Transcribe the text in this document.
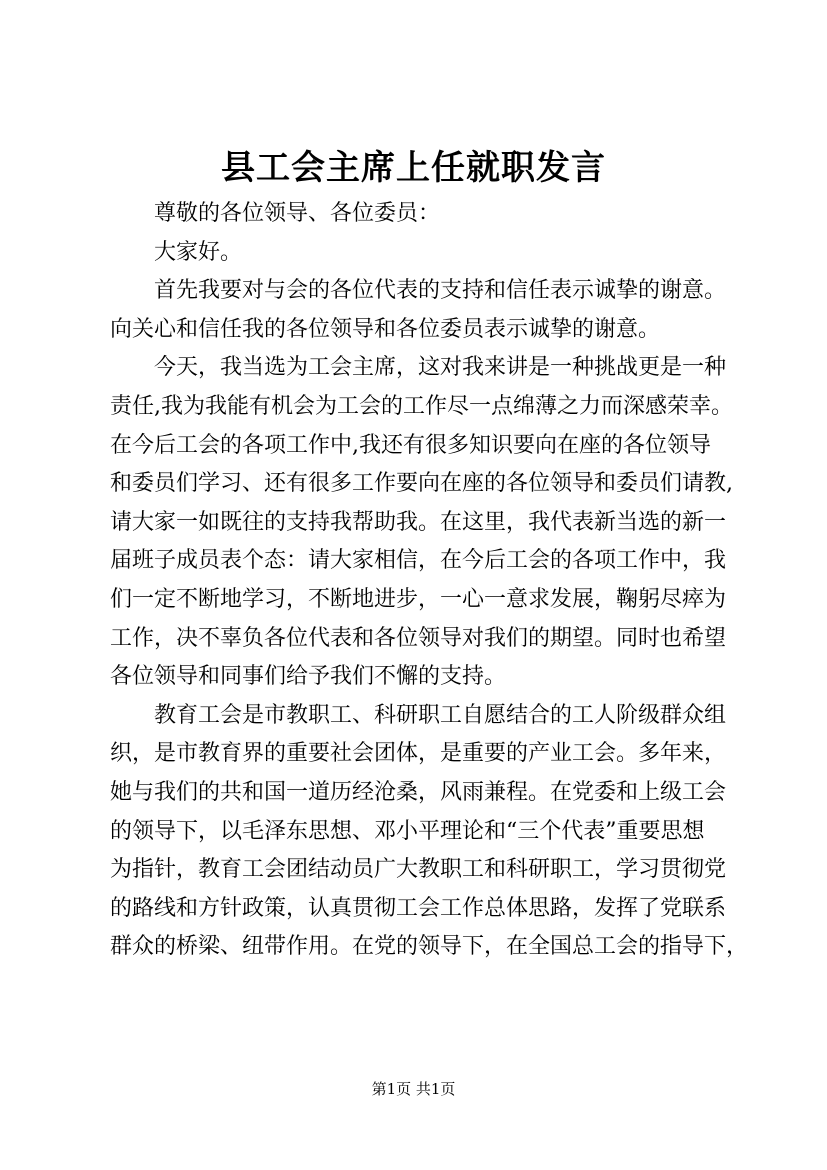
县工会主席上任就职发言
尊敬的各位领导、各位委员：
大家好。
首先我要对与会的各位代表的支持和信任表示诚挚的谢意。
向关心和信任我的各位领导和各位委员表示诚挚的谢意。
今天，我当选为工会主席，这对我来讲是一种挑战更是一种
责任,我为我能有机会为工会的工作尽一点绵薄之力而深感荣幸。
在今后工会的各项工作中,我还有很多知识要向在座的各位领导
和委员们学习、还有很多工作要向在座的各位领导和委员们请教,
请大家一如既往的支持我帮助我。在这里，我代表新当选的新一
届班子成员表个态：请大家相信，在今后工会的各项工作中，我
们一定不断地学习，不断地进步，一心一意求发展，鞠躬尽瘁为
工作，决不辜负各位代表和各位领导对我们的期望。同时也希望
各位领导和同事们给予我们不懈的支持。
教育工会是市教职工、科研职工自愿结合的工人阶级群众组
织，是市教育界的重要社会团体，是重要的产业工会。多年来，
她与我们的共和国一道历经沧桑，风雨兼程。在党委和上级工会
的领导下，以毛泽东思想、邓小平理论和“三个代表”重要思想
为指针，教育工会团结动员广大教职工和科研职工，学习贯彻党
的路线和方针政策，认真贯彻工会工作总体思路，发挥了党联系
群众的桥梁、纽带作用。在党的领导下，在全国总工会的指导下，
第1页 共1页
